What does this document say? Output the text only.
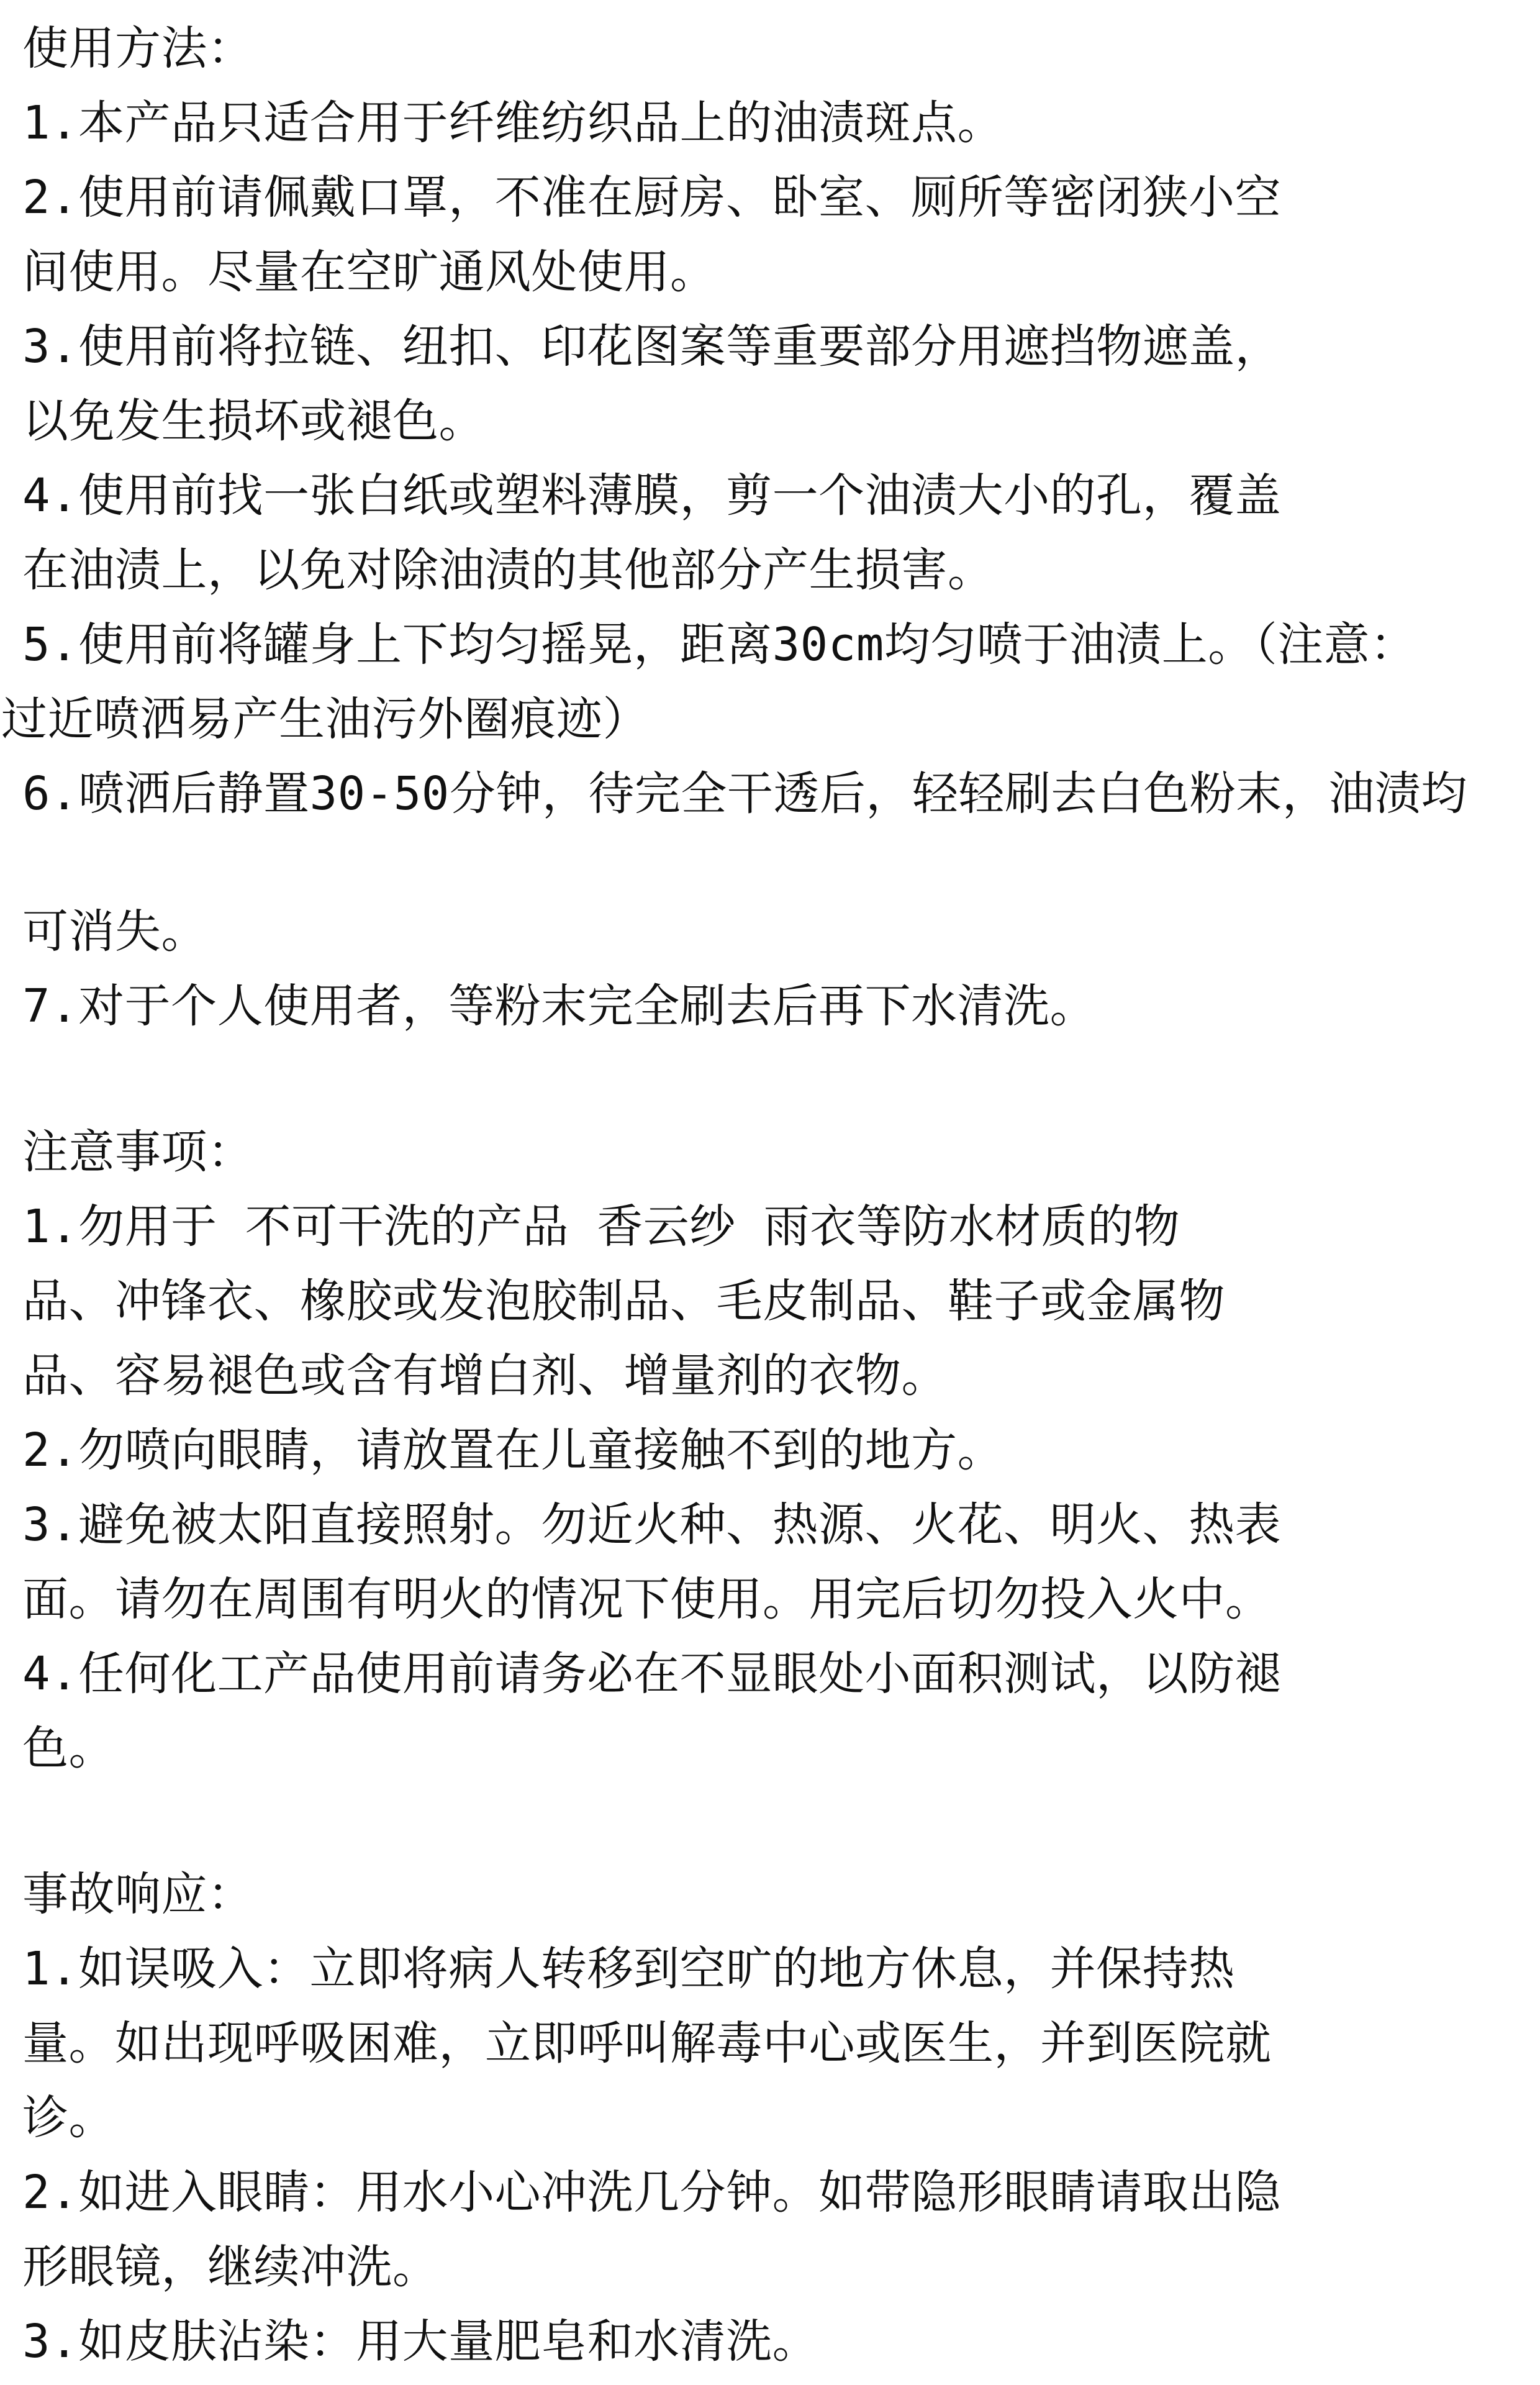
使用方法：
1.本产品只适合用于纤维纺织品上的油渍斑点。
2.使用前请佩戴口罩，不准在厨房、卧室、厕所等密闭狭小空
间使用。尽量在空旷通风处使用。
3.使用前将拉链、纽扣、印花图案等重要部分用遮挡物遮盖，
以免发生损坏或褪色。
4.使用前找一张白纸或塑料薄膜，剪一个油渍大小的孔，覆盖
在油渍上，以免对除油渍的其他部分产生损害。
5.使用前将罐身上下均匀摇晃，距离30cm均匀喷于油渍上。（注意：
过近喷洒易产生油污外圈痕迹）
6.喷洒后静置30-50分钟，待完全干透后，轻轻刷去白色粉末，油渍均
可消失。
7.对于个人使用者，等粉末完全刷去后再下水清洗。
注意事项：
1.勿用于 不可干洗的产品 香云纱 雨衣等防水材质的物
品、冲锋衣、橡胶或发泡胶制品、毛皮制品、鞋子或金属物
品、容易褪色或含有增白剂、增量剂的衣物。
2.勿喷向眼睛，请放置在儿童接触不到的地方。
3.避免被太阳直接照射。勿近火种、热源、火花、明火、热表
面。请勿在周围有明火的情况下使用。用完后切勿投入火中。
4.任何化工产品使用前请务必在不显眼处小面积测试，以防褪
色。
事故响应：
1.如误吸入：立即将病人转移到空旷的地方休息，并保持热
量。如出现呼吸困难，立即呼叫解毒中心或医生，并到医院就
诊。
2.如进入眼睛：用水小心冲洗几分钟。如带隐形眼睛请取出隐
形眼镜，继续冲洗。
3.如皮肤沾染：用大量肥皂和水清洗。
